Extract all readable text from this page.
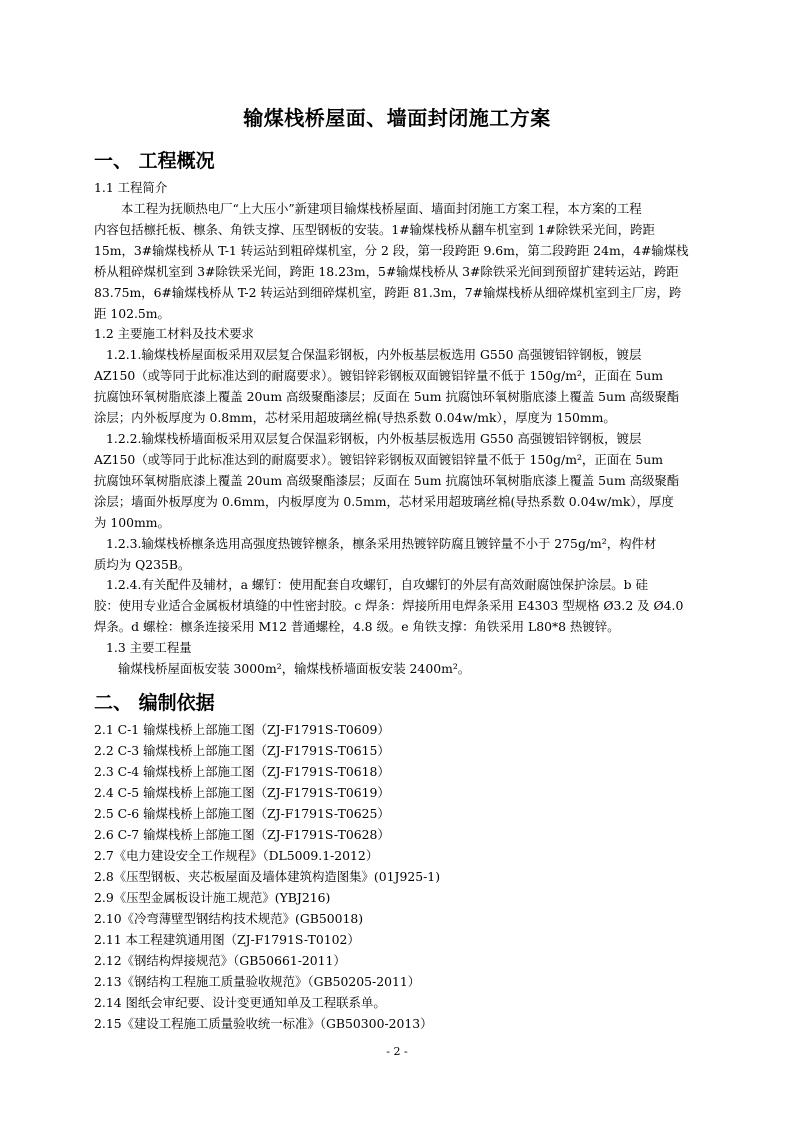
输煤栈桥屋面、墙面封闭施工方案
一、 工程概况
1.1 工程简介
本工程为抚顺热电厂“上大压小”新建项目输煤栈桥屋面、墙面封闭施工方案工程，本方案的工程
内容包括檩托板、檩条、角铁支撑、压型钢板的安装。1#输煤栈桥从翻车机室到 1#除铁采光间，跨距
15m，3#输煤栈桥从 T-1 转运站到粗碎煤机室，分 2 段，第一段跨距 9.6m，第二段跨距 24m，4#输煤栈
桥从粗碎煤机室到 3#除铁采光间，跨距 18.23m，5#输煤栈桥从 3#除铁采光间到预留扩建转运站，跨距
83.75m，6#输煤栈桥从 T-2 转运站到细碎煤机室，跨距 81.3m，7#输煤栈桥从细碎煤机室到主厂房，跨
距 102.5m。
1.2 主要施工材料及技术要求
1.2.1.输煤栈桥屋面板采用双层复合保温彩钢板，内外板基层板选用 G550 高强镀铝锌钢板，镀层
AZ150（或等同于此标准达到的耐腐要求）。镀铝锌彩钢板双面镀铝锌量不低于 150g/m²，正面在 5um
抗腐蚀环氧树脂底漆上覆盖 20um 高级聚酯漆层；反面在 5um 抗腐蚀环氧树脂底漆上覆盖 5um 高级聚酯
涂层；内外板厚度为 0.8mm，芯材采用超玻璃丝棉(导热系数 0.04w/mk），厚度为 150mm。
1.2.2.输煤栈桥墙面板采用双层复合保温彩钢板，内外板基层板选用 G550 高强镀铝锌钢板，镀层
AZ150（或等同于此标准达到的耐腐要求）。镀铝锌彩钢板双面镀铝锌量不低于 150g/m²，正面在 5um
抗腐蚀环氧树脂底漆上覆盖 20um 高级聚酯漆层；反面在 5um 抗腐蚀环氧树脂底漆上覆盖 5um 高级聚酯
涂层；墙面外板厚度为 0.6mm，内板厚度为 0.5mm，芯材采用超玻璃丝棉(导热系数 0.04w/mk），厚度
为 100mm。
1.2.3.输煤栈桥檩条选用高强度热镀锌檩条，檩条采用热镀锌防腐且镀锌量不小于 275g/m²，构件材
质均为 Q235B。
1.2.4.有关配件及辅材，a 螺钉：使用配套自攻螺钉，自攻螺钉的外层有高效耐腐蚀保护涂层。b 硅
胶：使用专业适合金属板材填缝的中性密封胶。c 焊条：焊接所用电焊条采用 E4303 型规格 Ø3.2 及 Ø4.0
焊条。d 螺栓：檩条连接采用 M12 普通螺栓，4.8 级。e 角铁支撑：角铁采用 L80*8 热镀锌。
1.3 主要工程量
输煤栈桥屋面板安装 3000m²，输煤栈桥墙面板安装 2400m²。
二、 编制依据
2.1 C-1 输煤栈桥上部施工图（ZJ-F1791S-T0609）
2.2 C-3 输煤栈桥上部施工图（ZJ-F1791S-T0615）
2.3 C-4 输煤栈桥上部施工图（ZJ-F1791S-T0618）
2.4 C-5 输煤栈桥上部施工图（ZJ-F1791S-T0619）
2.5 C-6 输煤栈桥上部施工图（ZJ-F1791S-T0625）
2.6 C-7 输煤栈桥上部施工图（ZJ-F1791S-T0628）
2.7《电力建设安全工作规程》（DL5009.1-2012）
2.8《压型钢板、夹芯板屋面及墙体建筑构造图集》(01J925-1)
2.9《压型金属板设计施工规范》(YBJ216)
2.10《冷弯薄壁型钢结构技术规范》(GB50018)
2.11 本工程建筑通用图（ZJ-F1791S-T0102）
2.12《钢结构焊接规范》（GB50661-2011）
2.13《钢结构工程施工质量验收规范》（GB50205-2011）
2.14 图纸会审纪要、设计变更通知单及工程联系单。
2.15《建设工程施工质量验收统一标准》（GB50300-2013）
- 2 -
